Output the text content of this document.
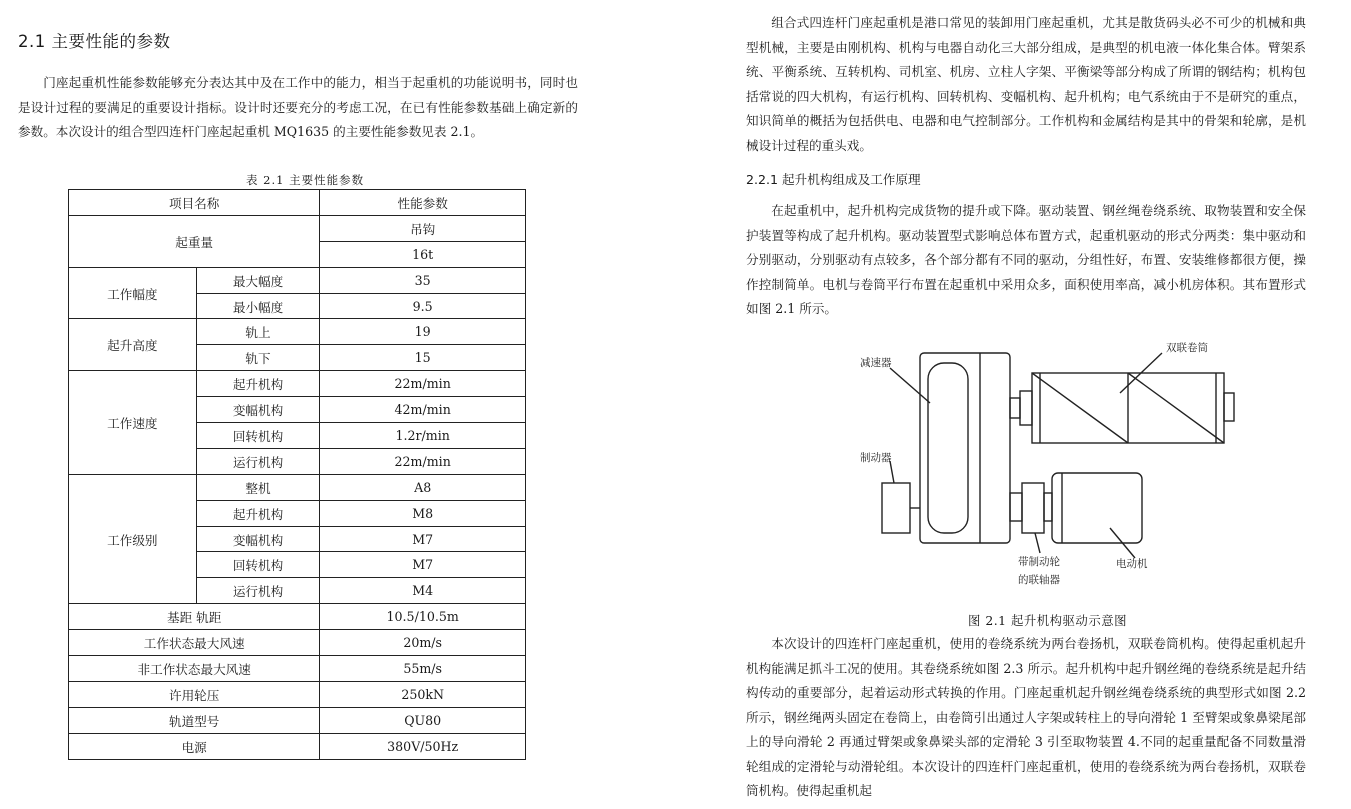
2.1 主要性能的参数

门座起重机性能参数能够充分表达其中及在工作中的能力，相当于起重机的功能说明书，同时也是设计过程的要满足的重要设计指标。设计时还要充分的考虑工况，在已有性能参数基础上确定新的参数。本次设计的组合型四连杆门座起起重机 MQ1635 的主要性能参数见表 2.1。

表 2.1 主要性能参数
项目名称		性能参数
起重量		吊钩
		16t
工作幅度	最大幅度	35
	最小幅度	9.5
起升高度	轨上	19
	轨下	15
工作速度	起升机构	22m/min
	变幅机构	42m/min
	回转机构	1.2r/min
	运行机构	22m/min
工作级别	整机	A8
	起升机构	M8
	变幅机构	M7
	回转机构	M7
	运行机构	M4
基距 轨距		10.5/10.5m
工作状态最大风速		20m/s
非工作状态最大风速		55m/s
许用轮压		250kN
轨道型号		QU80
电源		380V/50Hz

组合式四连杆门座起重机是港口常见的装卸用门座起重机，尤其是散货码头必不可少的机械和典型机械，主要是由刚机构、机构与电器自动化三大部分组成，是典型的机电液一体化集合体。臂架系统、平衡系统、互转机构、司机室、机房、立柱人字架、平衡梁等部分构成了所谓的钢结构；机构包括常说的四大机构，有运行机构、回转机构、变幅机构、起升机构；电气系统由于不是研究的重点，知识简单的概括为包括供电、电器和电气控制部分。工作机构和金属结构是其中的骨架和轮廓，是机械设计过程的重头戏。

2.2.1 起升机构组成及工作原理

在起重机中，起升机构完成货物的提升或下降。驱动装置、钢丝绳卷绕系统、取物装置和安全保护装置等构成了起升机构。驱动装置型式影响总体布置方式，起重机驱动的形式分两类：集中驱动和分别驱动，分别驱动有点较多，各个部分都有不同的驱动，分组性好，布置、安装维修都很方便，操作控制简单。电机与卷筒平行布置在起重机中采用众多，面积使用率高，减小机房体积。其布置形式如图 2.1 所示。

减速器
双联卷筒
制动器
带制动轮
的联轴器
电动机
图 2.1 起升机构驱动示意图

本次设计的四连杆门座起重机，使用的卷绕系统为两台卷扬机，双联卷筒机构。使得起重机起升机构能满足抓斗工况的使用。其卷绕系统如图 2.3 所示。起升机构中起升钢丝绳的卷绕系统是起升结构传动的重要部分，起着运动形式转换的作用。门座起重机起升钢丝绳卷绕系统的典型形式如图 2.2 所示，钢丝绳两头固定在卷筒上，由卷筒引出通过人字架或转柱上的导向滑轮 1 至臂架或象鼻梁尾部上的导向滑轮 2 再通过臂架或象鼻梁头部的定滑轮 3 引至取物装置 4.不同的起重量配备不同数量滑轮组成的定滑轮与动滑轮组。本次设计的四连杆门座起重机，使用的卷绕系统为两台卷扬机，双联卷筒机构。使得起重机起
